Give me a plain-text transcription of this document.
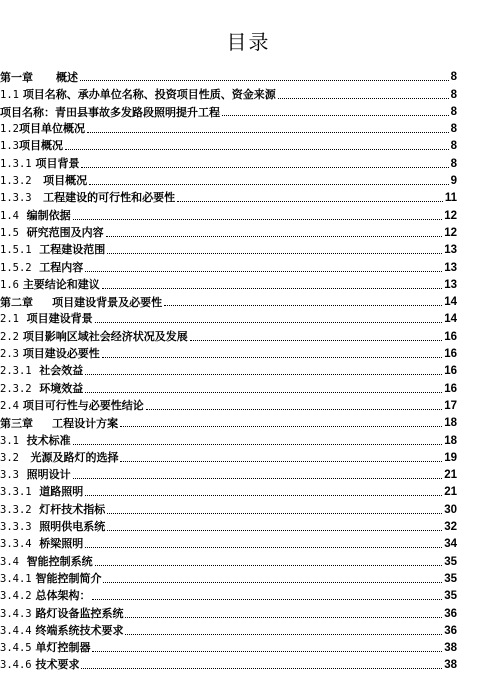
目录
第一章 概述	8
1.1 项目名称、承办单位名称、投资项目性质、资金来源	8
项目名称：青田县事故多发路段照明提升工程	8
1.2项目单位概况	8
1.3项目概况	8
1.3.1 项目背景	8
1.3.2 项目概况	9
1.3.3 工程建设的可行性和必要性	11
1.4 编制依据	12
1.5 研究范围及内容	12
1.5.1 工程建设范围	13
1.5.2 工程内容	13
1.6 主要结论和建议	13
第二章 项目建设背景及必要性	14
2.1 项目建设背景	14
2.2 项目影响区域社会经济状况及发展	16
2.3 项目建设必要性	16
2.3.1 社会效益	16
2.3.2 环境效益	16
2.4 项目可行性与必要性结论	17
第三章 工程设计方案	18
3.1 技术标准	18
3.2 光源及路灯的选择	19
3.3 照明设计	21
3.3.1 道路照明	21
3.3.2 灯杆技术指标	30
3.3.3 照明供电系统	32
3.3.4 桥梁照明	34
3.4 智能控制系统	35
3.4.1 智能控制简介	35
3.4.2 总体架构：	35
3.4.3 路灯设备监控系统	36
3.4.4 终端系统技术要求	36
3.4.5 单灯控制器	38
3.4.6 技术要求	38
